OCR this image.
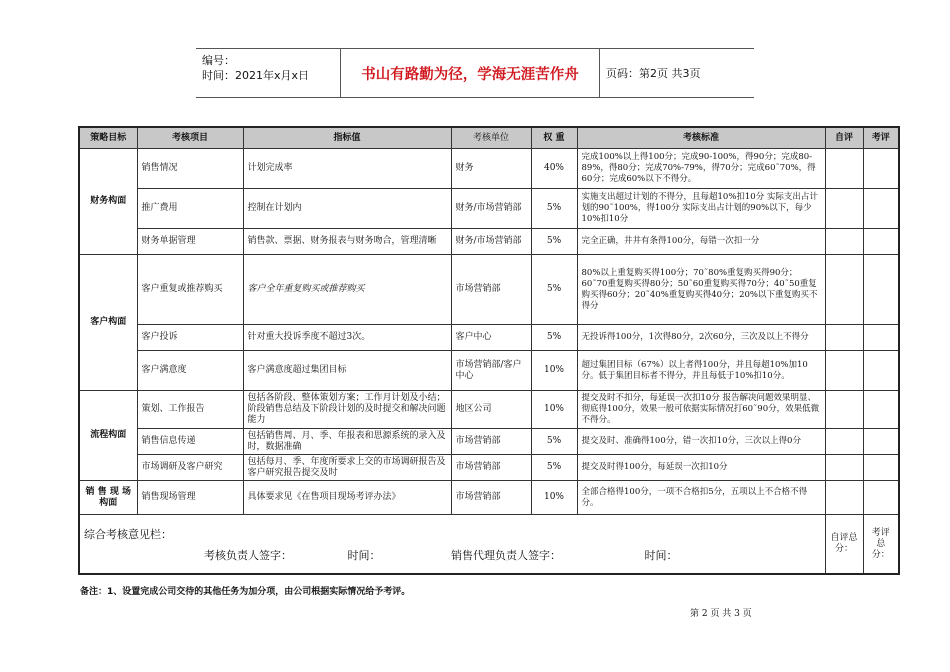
编号：
时间：2021年x月x日	书山有路勤为径，学海无涯苦作舟 页码：第2页 共3页
策略目标	考核项目	指标值	考核单位	权 重	考核标准	自评	考评
财务构面	销售情况	计划完成率	财务	40%	完成100%以上得100分；完成90-100%，得90分；完成80-89%，得80分；完成70%-79%，得70分；完成60˜70%，得60分；完成60%以下不得分。		
	推广费用	控制在计划内	财务/市场营销部	5%	实施支出超过计划的不得分，且每超10%扣10分 实际支出占计划的90˜100%，得100分 实际支出占计划的90%以下，每少10%扣10分		
	财务单据管理	销售款、票据、财务报表与财务吻合，管理清晰	财务/市场营销部	5%	完全正确，井井有条得100分，每错一次扣一分		
客户构面	客户重复或推荐购买	客户全年重复购买或推荐购买	市场营销部	5%	80%以上重复购买得100分；70˜80%重复购买得90分；60˜70重复购买得80分；50˜60重复购买得70分；40˜50重复购买得60分；20˜40%重复购买得40分；20%以下重复购买不得分		
	客户投诉	针对重大投诉季度不超过3次。	客户中心	5%	无投诉得100分，1次得80分，2次60分，三次及以上不得分		
	客户满意度	客户满意度超过集团目标	市场营销部/客户中心	10%	超过集团目标（67%）以上者得100分，并且每超10%加10分。低于集团目标者不得分，并且每低于10%扣10分。		
流程构面	策划、工作报告	包括各阶段、整体策划方案；工作月计划及小结；阶段销售总结及下阶段计划的及时提交和解决问题能力	地区公司	10%	提交及时不扣分，每延误一次扣10分 报告解决问题效果明显、彻底得100分，效果一般可依据实际情况打60˜90分，效果低微不得分。		
	销售信息传递	包括销售周、月、季、年报表和思源系统的录入及时，数据准确	市场营销部	5%	提交及时、准确得100分，错一次扣10分，三次以上得0分		
	市场调研及客户研究	包括每月、季、年度所要求上交的市场调研报告及客户研究报告提交及时	市场营销部	5%	提交及时得100分，每延误一次扣10分		
销 售 现 场 构面	销售现场管理	具体要求见《在售项目现场考评办法》	市场营销部	10%	全部合格得100分，一项不合格扣5分，五项以上不合格不得分。		

综合考核意见栏：
考核负责人签字： 时间： 销售代理负责人签字： 时间：						自评总分：	考评总分：
备注：1、设置完成公司交待的其他任务为加分项，由公司根据实际情况给予考评。
第 2 页 共 3 页
